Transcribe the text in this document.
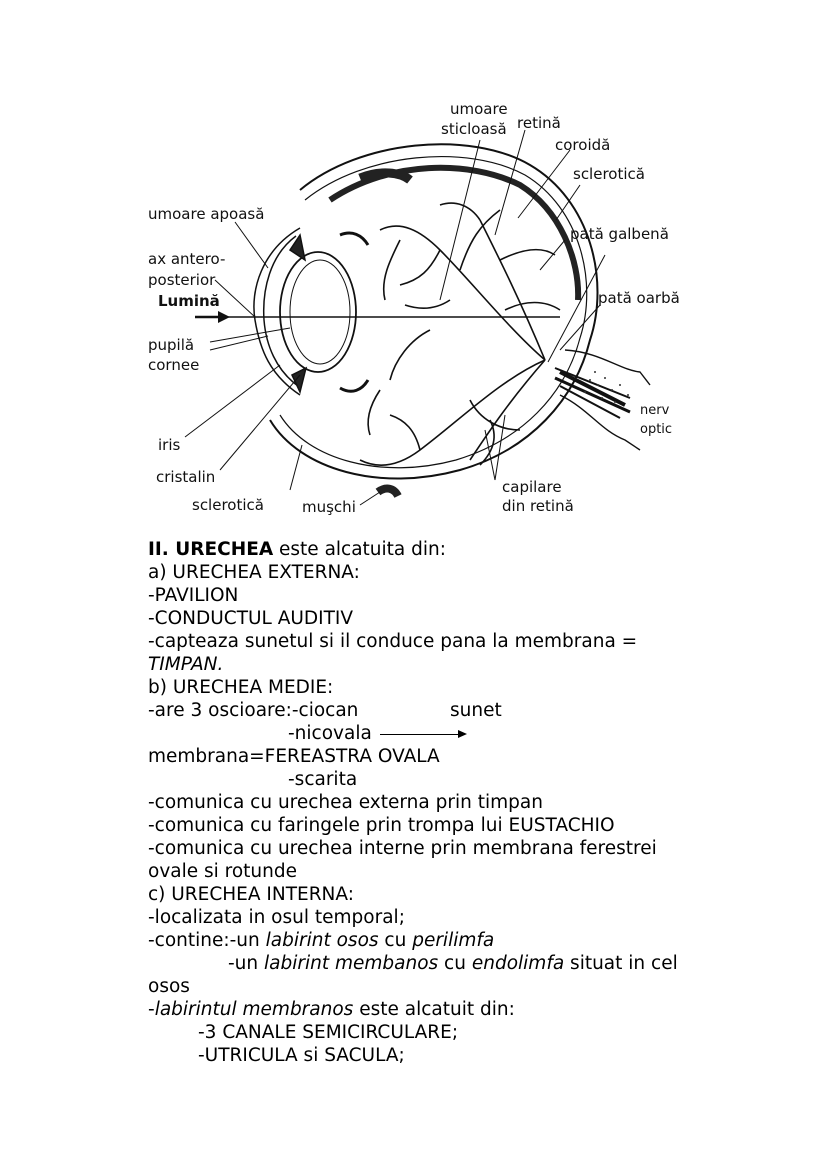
umoare
sticloasă retină
coroidă
sclerotică
umoare apoasă
pată galbenă
ax antero-
posterior
Lumină	pată oarbă
pupilă
cornee
nerv
optic
iris
cristalin
capilare
din retină
sclerotică	muşchi
II. URECHEA este alcatuita din:
a) URECHEA EXTERNA:
-PAVILION
-CONDUCTUL AUDITIV
-capteaza sunetul si il conduce pana la membrana =
TIMPAN.
b) URECHEA MEDIE:
-are 3 oscioare:-ciocan	sunet
-nicovala
membrana=FEREASTRA OVALA
-scarita
-comunica cu urechea externa prin timpan
-comunica cu faringele prin trompa lui EUSTACHIO
-comunica cu urechea interne prin membrana ferestrei
ovale si rotunde
c) URECHEA INTERNA:
-localizata in osul temporal;
-contine:-un labirint osos cu perilimfa
-un labirint membanos cu endolimfa situat in cel
osos
-labirintul membranos este alcatuit din:
-3 CANALE SEMICIRCULARE;
-UTRICULA si SACULA;
